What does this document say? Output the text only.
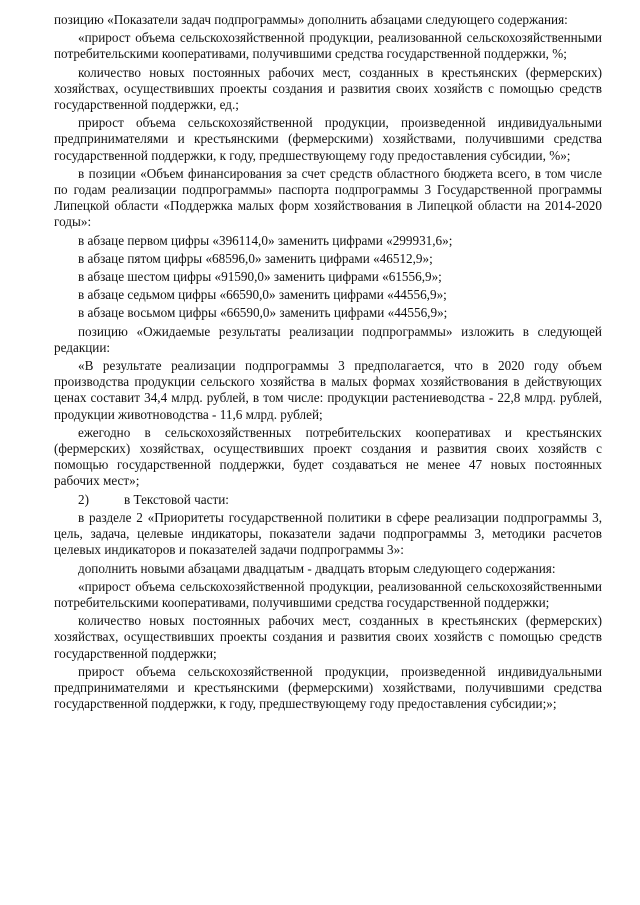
позицию «Показатели задач подпрограммы» дополнить абзацами следующего содержания:

«прирост объема сельскохозяйственной продукции, реализованной сельскохозяйственными потребительскими кооперативами, получившими средства государственной поддержки, %;

количество новых постоянных рабочих мест, созданных в крестьянских (фермерских) хозяйствах, осуществивших проекты создания и развития своих хозяйств с помощью средств государственной поддержки, ед.;

прирост объема сельскохозяйственной продукции, произведенной индивидуальными предпринимателями и крестьянскими (фермерскими) хозяйствами, получившими средства государственной поддержки, к году, предшествующему году предоставления субсидии, %»;

в позиции «Объем финансирования за счет средств областного бюджета всего, в том числе по годам реализации подпрограммы» паспорта подпрограммы 3 Государственной программы Липецкой области «Поддержка малых форм хозяйствования в Липецкой области на 2014-2020 годы»:

в абзаце первом цифры «396114,0» заменить цифрами «299931,6»;

в абзаце пятом цифры «68596,0» заменить цифрами «46512,9»;

в абзаце шестом цифры «91590,0» заменить цифрами «61556,9»;

в абзаце седьмом цифры «66590,0» заменить цифрами «44556,9»;

в абзаце восьмом цифры «66590,0» заменить цифрами «44556,9»;

позицию «Ожидаемые результаты реализации подпрограммы» изложить в следующей редакции:

«В результате реализации подпрограммы 3 предполагается, что в 2020 году объем производства продукции сельского хозяйства в малых формах хозяйствования в действующих ценах составит 34,4 млрд. рублей, в том числе: продукции растениеводства - 22,8 млрд. рублей, продукции животноводства - 11,6 млрд. рублей;

ежегодно в сельскохозяйственных потребительских кооперативах и крестьянских (фермерских) хозяйствах, осуществивших проект создания и развития своих хозяйств с помощью государственной поддержки, будет создаваться не менее 47 новых постоянных рабочих мест»;

2)	в Текстовой части:

в разделе 2 «Приоритеты государственной политики в сфере реализации подпрограммы 3, цель, задача, целевые индикаторы, показатели задачи подпрограммы 3, методики расчетов целевых индикаторов и показателей задачи подпрограммы 3»:

дополнить новыми абзацами двадцатым - двадцать вторым следующего содержания:

«прирост объема сельскохозяйственной продукции, реализованной сельскохозяйственными потребительскими кооперативами, получившими средства государственной поддержки;

количество новых постоянных рабочих мест, созданных в крестьянских (фермерских) хозяйствах, осуществивших проекты создания и развития своих хозяйств с помощью средств государственной поддержки;

прирост объема сельскохозяйственной продукции, произведенной индивидуальными предпринимателями и крестьянскими (фермерскими) хозяйствами, получившими средства государственной поддержки, к году, предшествующему году предоставления субсидии;»;
